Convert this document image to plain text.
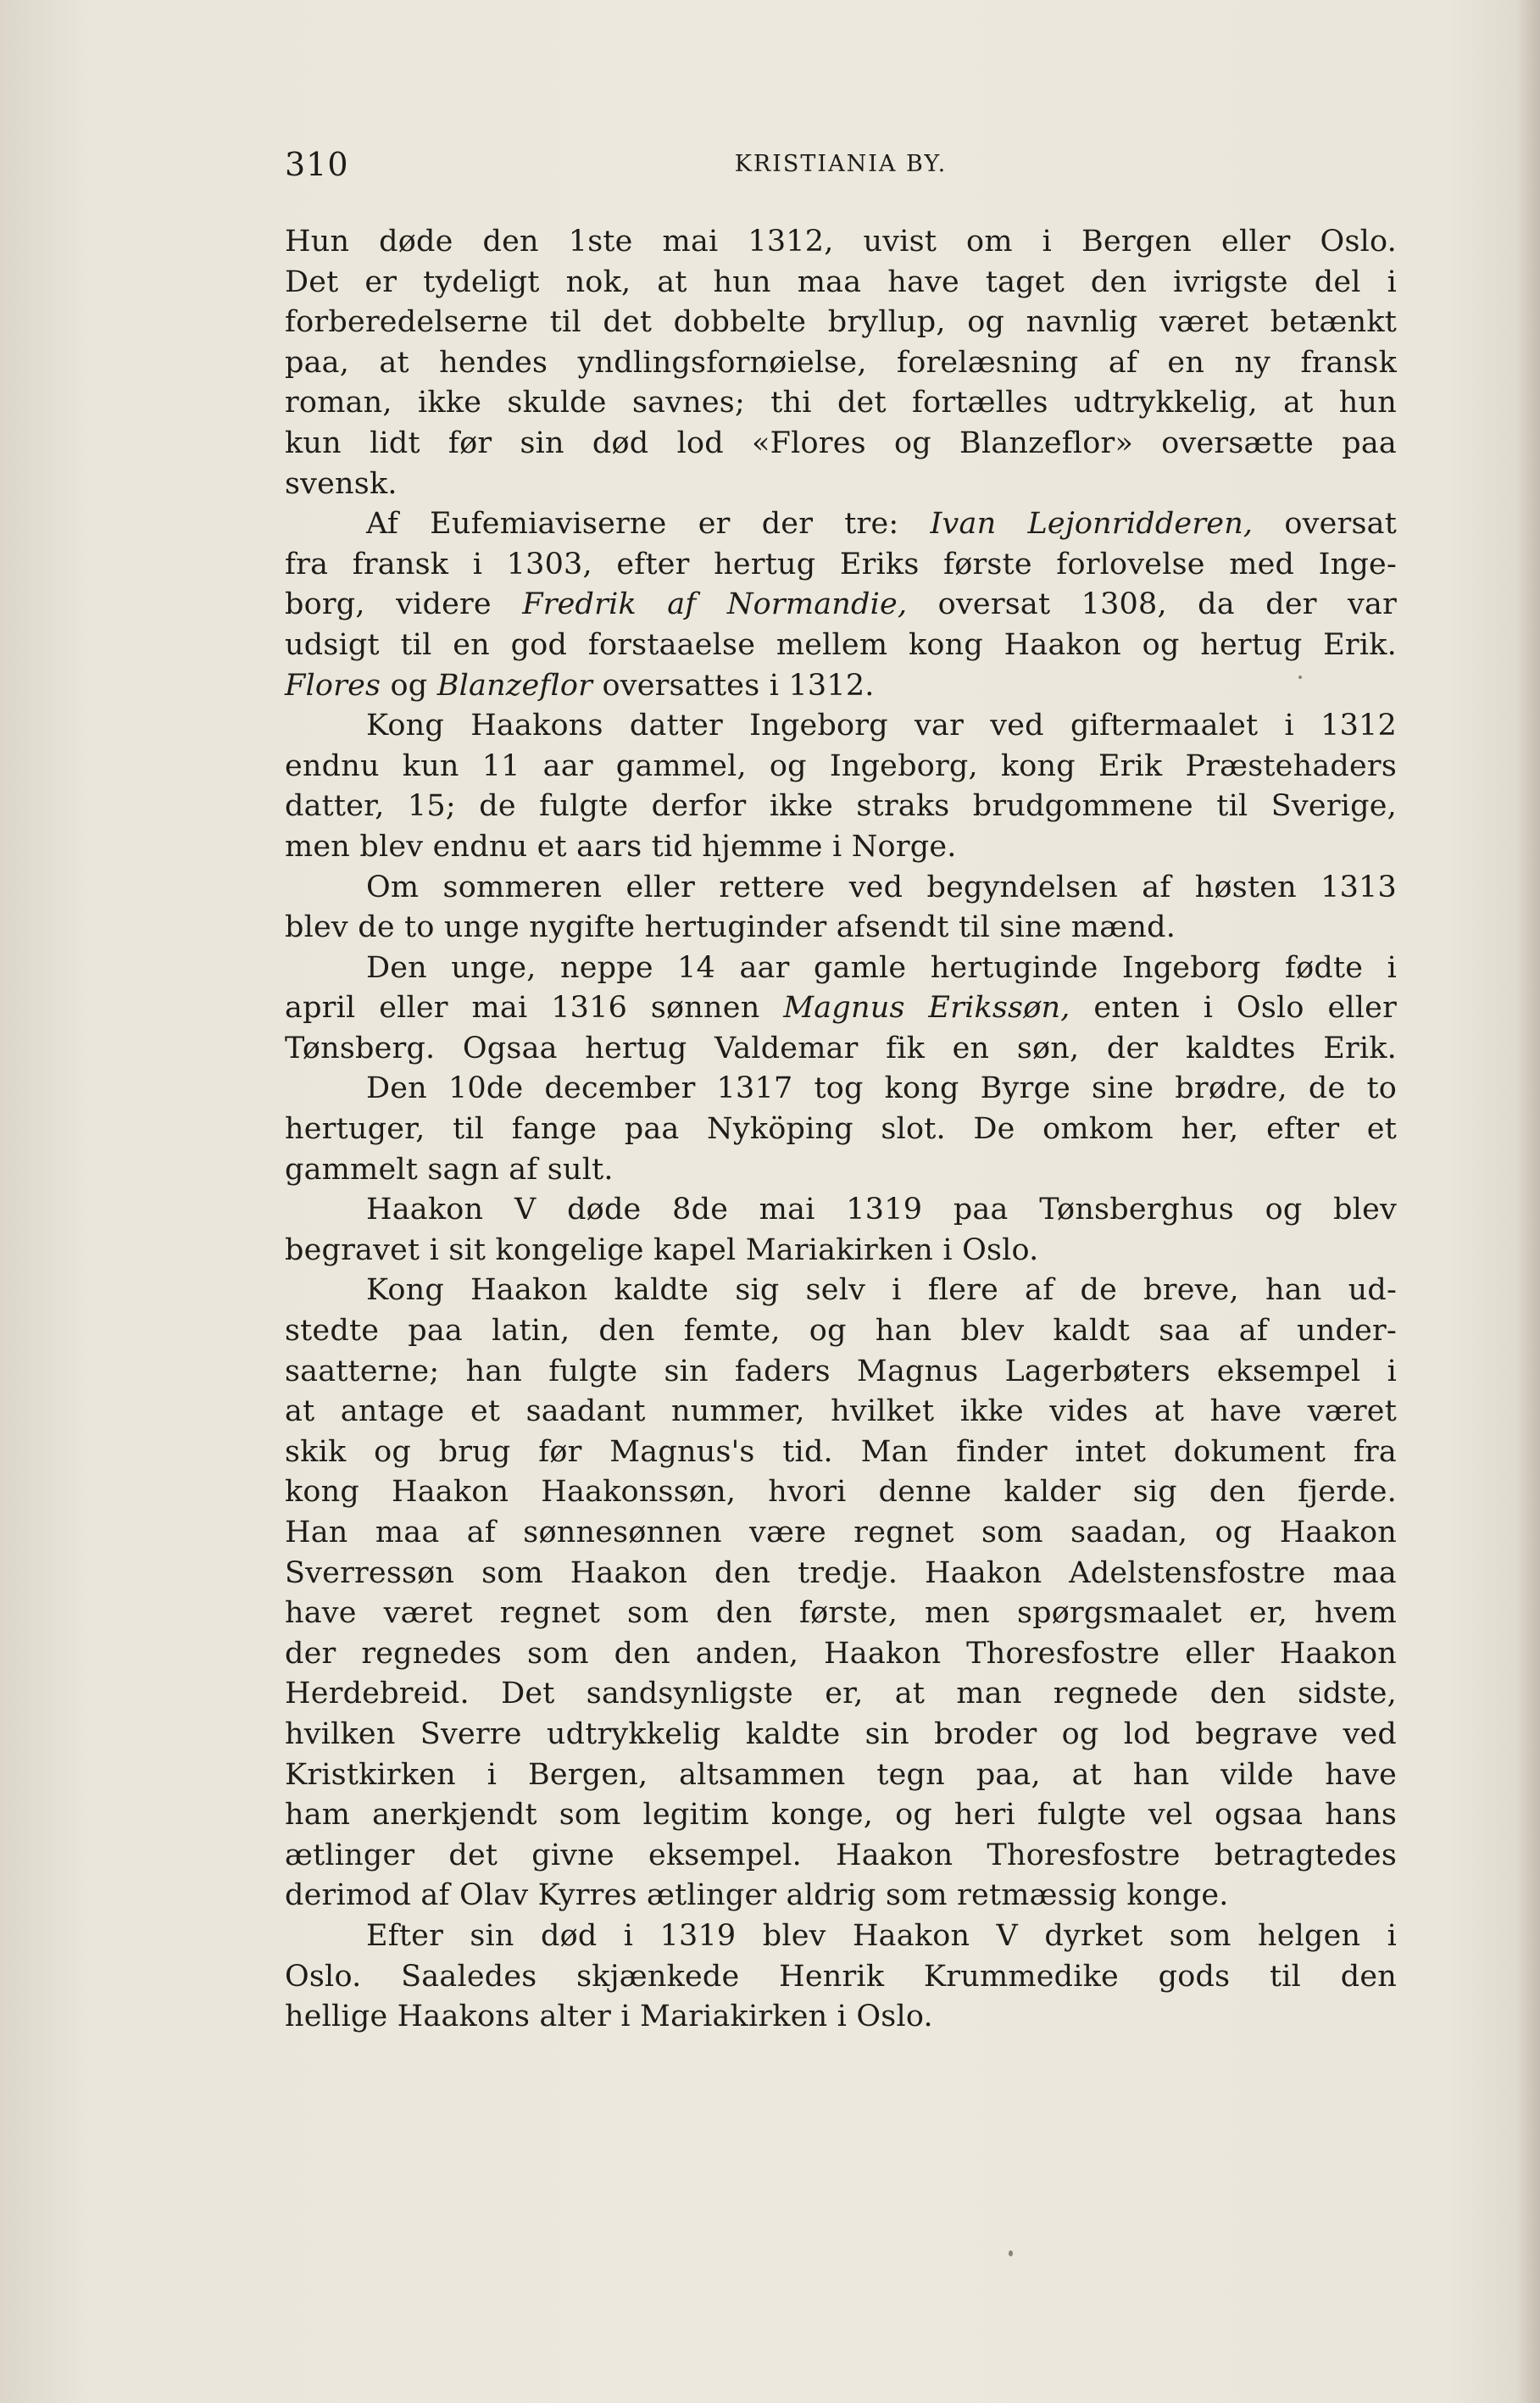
310	KRISTIANIA BY.
Hun døde den 1ste mai 1312, uvist om i Bergen eller Oslo.
Det er tydeligt nok, at hun maa have taget den ivrigste del i
forberedelserne til det dobbelte bryllup, og navnlig været betænkt
paa, at hendes yndlingsfornøielse, forelæsning af en ny fransk
roman, ikke skulde savnes; thi det fortælles udtrykkelig, at hun
kun lidt før sin død lod «Flores og Blanzeflor» oversætte paa
svensk.
Af Eufemiaviserne er der tre: Ivan Lejonridderen, oversat
fra fransk i 1303, efter hertug Eriks første forlovelse med Inge-
borg, videre Fredrik af Normandie, oversat 1308, da der var
udsigt til en god forstaaelse mellem kong Haakon og hertug Erik.
Flores og Blanzeflor oversattes i 1312.
Kong Haakons datter Ingeborg var ved giftermaalet i 1312
endnu kun 11 aar gammel, og Ingeborg, kong Erik Præstehaders
datter, 15; de fulgte derfor ikke straks brudgommene til Sverige,
men blev endnu et aars tid hjemme i Norge.
Om sommeren eller rettere ved begyndelsen af høsten 1313
blev de to unge nygifte hertuginder afsendt til sine mænd.
Den unge, neppe 14 aar gamle hertuginde Ingeborg fødte i
april eller mai 1316 sønnen Magnus Erikssøn, enten i Oslo eller
Tønsberg. Ogsaa hertug Valdemar fik en søn, der kaldtes Erik.
Den 10de december 1317 tog kong Byrge sine brødre, de to
hertuger, til fange paa Nyköping slot. De omkom her, efter et
gammelt sagn af sult.
Haakon V døde 8de mai 1319 paa Tønsberghus og blev
begravet i sit kongelige kapel Mariakirken i Oslo.
Kong Haakon kaldte sig selv i flere af de breve, han ud-
stedte paa latin, den femte, og han blev kaldt saa af under-
saatterne; han fulgte sin faders Magnus Lagerbøters eksempel i
at antage et saadant nummer, hvilket ikke vides at have været
skik og brug før Magnus's tid. Man finder intet dokument fra
kong Haakon Haakonssøn, hvori denne kalder sig den fjerde.
Han maa af sønnesønnen være regnet som saadan, og Haakon
Sverressøn som Haakon den tredje. Haakon Adelstensfostre maa
have været regnet som den første, men spørgsmaalet er, hvem
der regnedes som den anden, Haakon Thoresfostre eller Haakon
Herdebreid. Det sandsynligste er, at man regnede den sidste,
hvilken Sverre udtrykkelig kaldte sin broder og lod begrave ved
Kristkirken i Bergen, altsammen tegn paa, at han vilde have
ham anerkjendt som legitim konge, og heri fulgte vel ogsaa hans
ætlinger det givne eksempel. Haakon Thoresfostre betragtedes
derimod af Olav Kyrres ætlinger aldrig som retmæssig konge.
Efter sin død i 1319 blev Haakon V dyrket som helgen i
Oslo. Saaledes skjænkede Henrik Krummedike gods til den
hellige Haakons alter i Mariakirken i Oslo.
